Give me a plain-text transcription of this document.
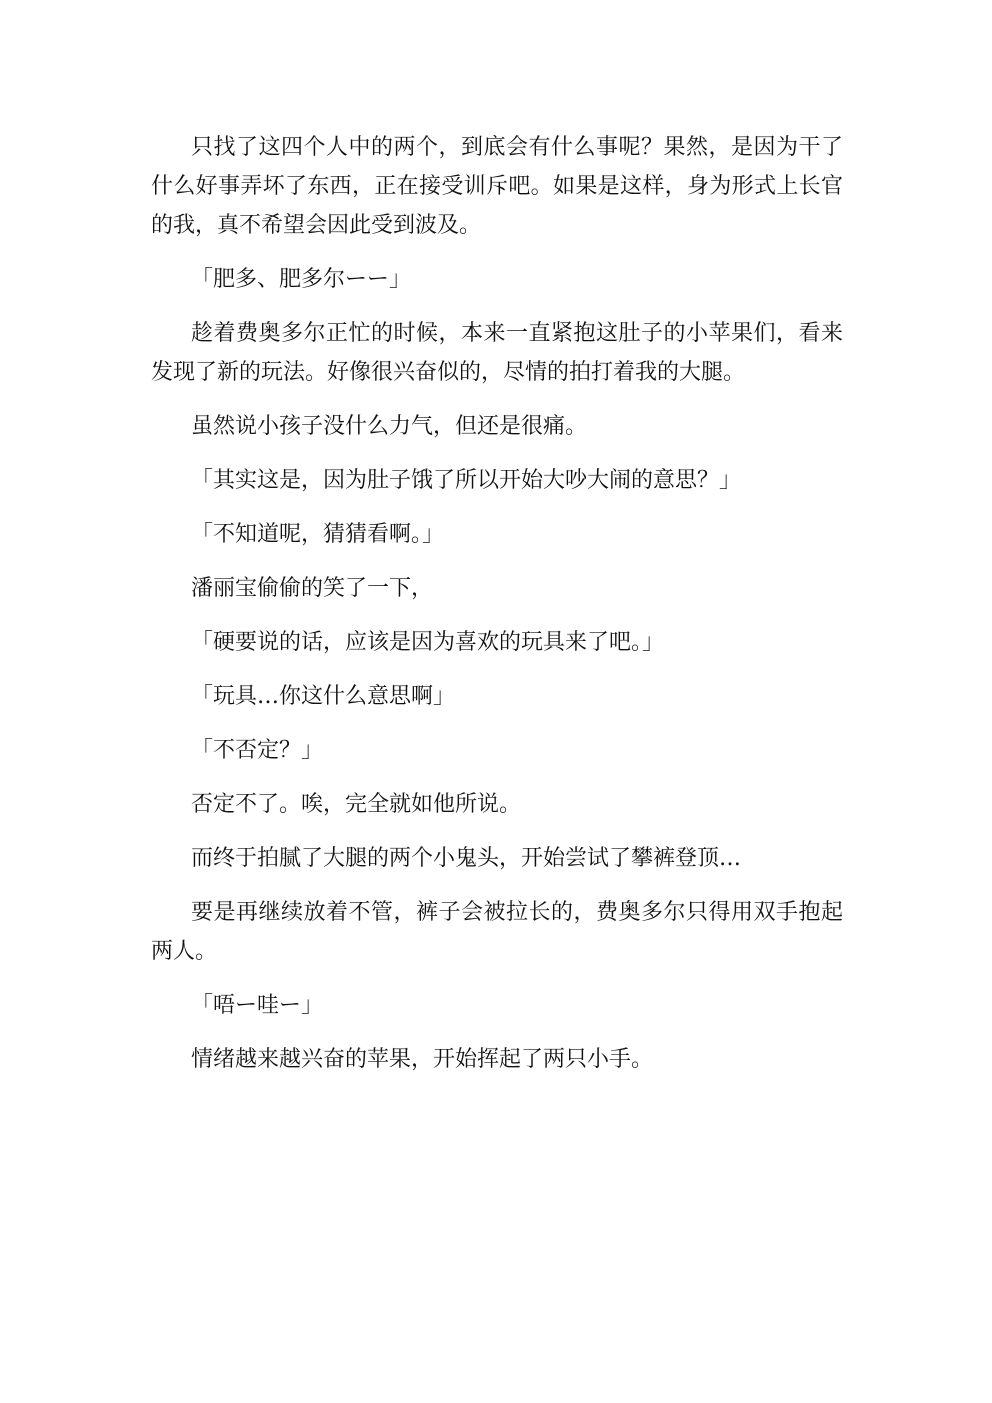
只找了这四个人中的两个，到底会有什么事呢？果然，是因为干了什么好事弄坏了东西，正在接受训斥吧。如果是这样，身为形式上长官的我，真不希望会因此受到波及。

「肥多、肥多尔ーー」

趁着费奥多尔正忙的时候，本来一直紧抱这肚子的小苹果们，看来发现了新的玩法。好像很兴奋似的，尽情的拍打着我的大腿。

虽然说小孩子没什么力气，但还是很痛。

「其实这是，因为肚子饿了所以开始大吵大闹的意思？」

「不知道呢，猜猜看啊。」

潘丽宝偷偷的笑了一下，

「硬要说的话，应该是因为喜欢的玩具来了吧。」

「玩具…你这什么意思啊」

「不否定？」

否定不了。唉，完全就如他所说。

而终于拍腻了大腿的两个小鬼头，开始尝试了攀裤登顶…

要是再继续放着不管，裤子会被拉长的，费奥多尔只得用双手抱起两人。

「唔ー哇ー」

情绪越来越兴奋的苹果，开始挥起了两只小手。
